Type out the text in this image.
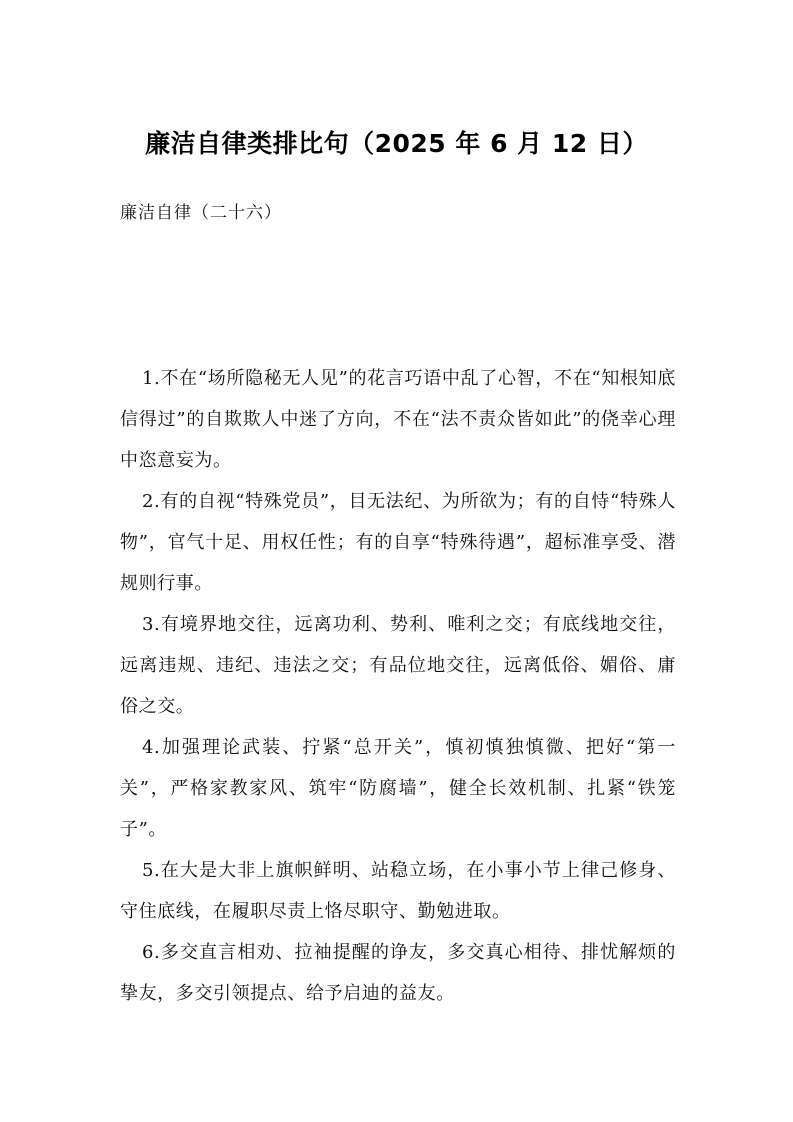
廉洁自律类排比句（2025 年 6 月 12 日）

廉洁自律（二十六）

1.不在“场所隐秘无人见”的花言巧语中乱了心智，不在“知根知底信得过”的自欺欺人中迷了方向，不在“法不责众皆如此”的侥幸心理中恣意妄为。
2.有的自视“特殊党员”，目无法纪、为所欲为；有的自恃“特殊人物”，官气十足、用权任性；有的自享“特殊待遇”，超标准享受、潜规则行事。
3.有境界地交往，远离功利、势利、唯利之交；有底线地交往，远离违规、违纪、违法之交；有品位地交往，远离低俗、媚俗、庸俗之交。
4.加强理论武装、拧紧“总开关”，慎初慎独慎微、把好“第一关”，严格家教家风、筑牢“防腐墙”，健全长效机制、扎紧“铁笼子”。
5.在大是大非上旗帜鲜明、站稳立场，在小事小节上律己修身、守住底线，在履职尽责上恪尽职守、勤勉进取。
6.多交直言相劝、拉袖提醒的诤友，多交真心相待、排忧解烦的挚友，多交引领提点、给予启迪的益友。
